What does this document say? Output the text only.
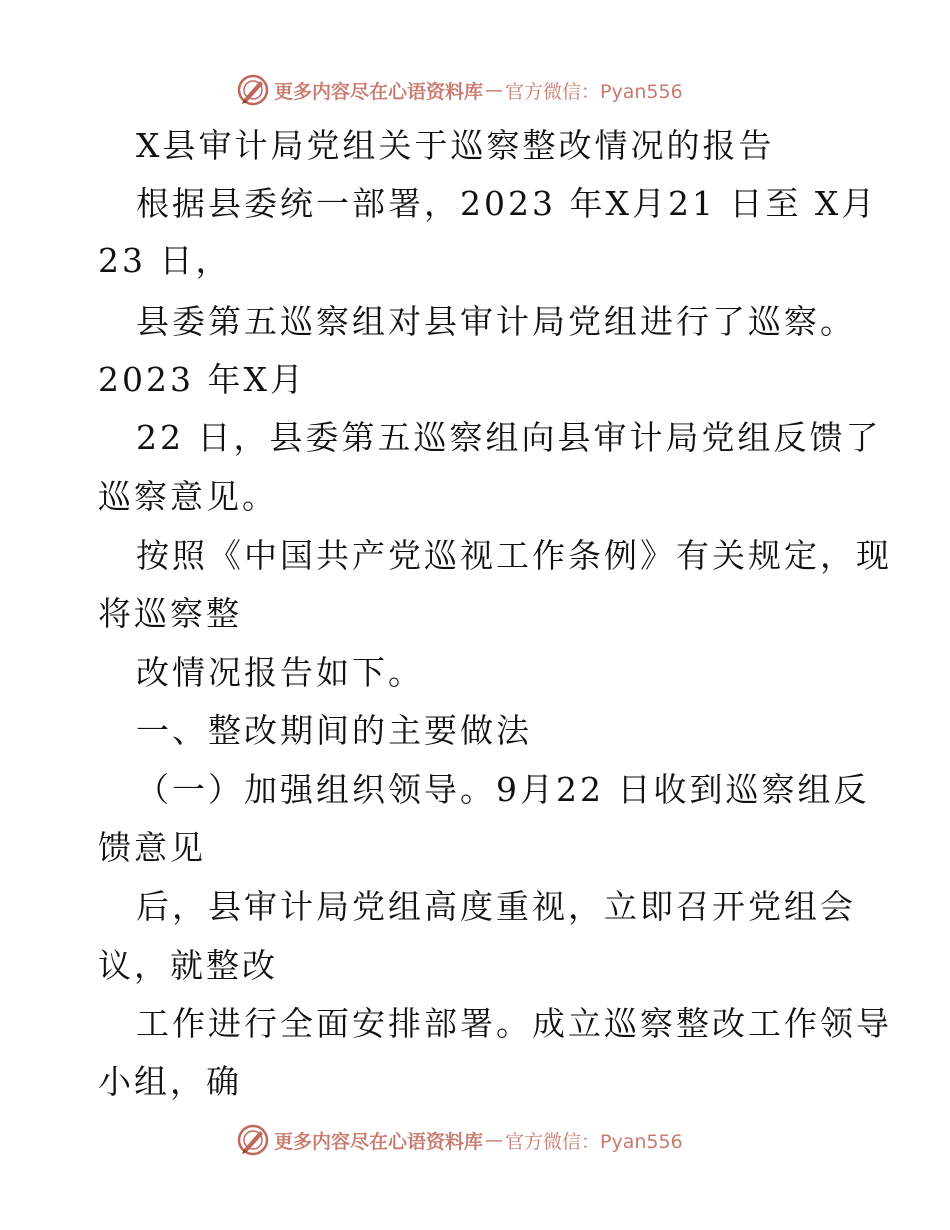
更多内容尽在心语资料库 — 官方微信：Pyan556
X县审计局党组关于巡察整改情况的报告
根据县委统一部署，2023 年X月21 日至 X月
23 日，
县委第五巡察组对县审计局党组进行了巡察。
2023 年X月
22 日，县委第五巡察组向县审计局党组反馈了
巡察意见。
按照《中国共产党巡视工作条例》有关规定，现
将巡察整
改情况报告如下。
一、整改期间的主要做法
（一）加强组织领导。9月22 日收到巡察组反
馈意见
后，县审计局党组高度重视，立即召开党组会
议，就整改
工作进行全面安排部署。成立巡察整改工作领导
小组，确
更多内容尽在心语资料库 — 官方微信：Pyan556
